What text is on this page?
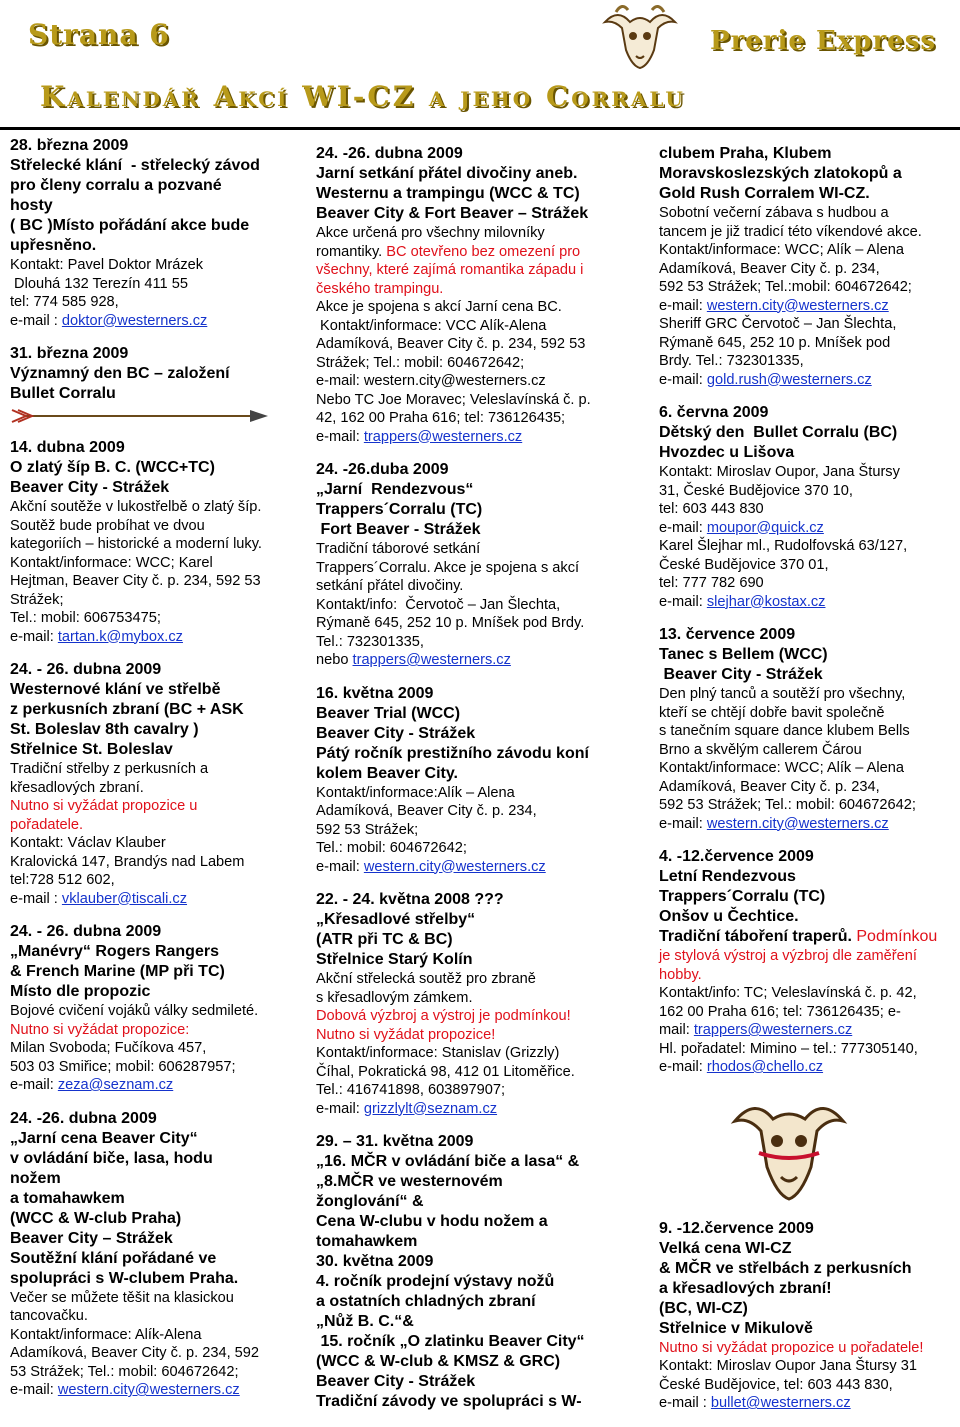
Strana 6	Prerie Express
Kalendář Akcí WI-CZ a jeho Corralu
28. března 2009
Střelecké klání  - střelecký závod
pro členy corralu a pozvané
hosty
( BC )Místo pořádání akce bude
upřesněno.
Kontakt: Pavel Doktor Mrázek
Dlouhá 132 Terezín 411 55
tel: 774 585 928,
e-mail : doktor@westerners.cz
31. března 2009
Významný den BC – založení
Bullet Corralu
14. dubna 2009
O zlatý šíp B. C. (WCC+TC)
Beaver City - Strážek
Akční soutěže v lukostřelbě o zlatý šíp.
Soutěž bude probíhat ve dvou
kategoriích – historické a moderní luky.
Kontakt/informace: WCC; Karel
Hejtman, Beaver City č. p. 234, 592 53
Strážek;
Tel.: mobil: 606753475;
e-mail: tartan.k@mybox.cz
24. - 26. dubna 2009
Westernové klání ve střelbě
z perkusních zbraní (BC + ASK
St. Boleslav 8th cavalry )
Střelnice St. Boleslav
Tradiční střelby z perkusních a
křesadlových zbraní.
Nutno si vyžádat propozice u
pořadatele.
Kontakt: Václav Klauber
Kralovická 147, Brandýs nad Labem
tel:728 512 602,
e-mail : vklauber@tiscali.cz
24. - 26. dubna 2009
„Manévry“ Rogers Rangers
& French Marine (MP při TC)
Místo dle propozic
Bojové cvičení vojáků války sedmileté.
Nutno si vyžádat propozice:
Milan Svoboda; Fučíkova 457,
503 03 Smiřice; mobil: 606287957;
e-mail: zeza@seznam.cz
24. -26. dubna 2009
„Jarní cena Beaver City“
v ovládání biče, lasa, hodu
nožem
a tomahawkem
(WCC & W-club Praha)
Beaver City – Strážek
Soutěžní klání pořádané ve
spolupráci s W-clubem Praha.
Večer se můžete těšit na klasickou
tancovačku.
Kontakt/informace: Alík-Alena
Adamíková, Beaver City č. p. 234, 592
53 Strážek; Tel.: mobil: 604672642;
e-mail: western.city@westerners.cz
24. -26. dubna 2009
Jarní setkání přátel divočiny aneb.
Westernu a trampingu (WCC & TC)
Beaver City & Fort Beaver – Strážek
Akce určená pro všechny milovníky
romantiky. BC otevřeno bez omezení pro
všechny, které zajímá romantika západu i
českého trampingu.
Akce je spojena s akcí Jarní cena BC.
Kontakt/informace: VCC Alík-Alena
Adamíková, Beaver City č. p. 234, 592 53
Strážek; Tel.: mobil: 604672642;
e-mail: western.city@westerners.cz
Nebo TC Joe Moravec; Veleslavínská č. p.
42, 162 00 Praha 616; tel: 736126435;
e-mail: trappers@westerners.cz
24. -26.duba 2009
„Jarní  Rendezvous“
Trappers´Corralu (TC)
Fort Beaver - Strážek
Tradiční táborové setkání
Trappers´Corralu. Akce je spojena s akcí
setkání přátel divočiny.
Kontakt/info:  Červotoč – Jan Šlechta,
Rýmaně 645, 252 10 p. Mníšek pod Brdy.
Tel.: 732301335,
nebo trappers@westerners.cz
16. května 2009
Beaver Trial (WCC)
Beaver City - Strážek
Pátý ročník prestižního závodu koní
kolem Beaver City.
Kontakt/informace:Alík – Alena
Adamíková, Beaver City č. p. 234,
592 53 Strážek;
Tel.: mobil: 604672642;
e-mail: western.city@westerners.cz
22. - 24. května 2008 ???
„Křesadlové střelby“
(ATR při TC & BC)
Střelnice Starý Kolín
Akční střelecká soutěž pro zbraně
s křesadlovým zámkem.
Dobová výzbroj a výstroj je podmínkou!
Nutno si vyžádat propozice!
Kontakt/informace: Stanislav (Grizzly)
Číhal, Pokratická 98, 412 01 Litoměřice.
Tel.: 416741898, 603897907;
e-mail: grizzlylt@seznam.cz
29. – 31. května 2009
„16. MČR v ovládání biče a lasa“ &
„8.MČR ve westernovém
žonglování“ &
Cena W-clubu v hodu nožem a
tomahawkem
30. května 2009
4. ročník prodejní výstavy nožů
a ostatních chladných zbraní
„Nůž B. C.“&
15. ročník „O zlatinku Beaver City“
(WCC & W-club & KMSZ & GRC)
Beaver City - Strážek
Tradiční závody ve spolupráci s W-
clubem Praha, Klubem
Moravskoslezských zlatokopů a
Gold Rush Corralem WI-CZ.
Sobotní večerní zábava s hudbou a
tancem je již tradicí této víkendové akce.
Kontakt/informace: WCC; Alík – Alena
Adamíková, Beaver City č. p. 234,
592 53 Strážek; Tel.:mobil: 604672642;
e-mail: western.city@westerners.cz
Sheriff GRC Červotoč – Jan Šlechta,
Rýmaně 645, 252 10 p. Mníšek pod
Brdy. Tel.: 732301335,
e-mail: gold.rush@westerners.cz
6. června 2009
Dětský den  Bullet Corralu (BC)
Hvozdec u Lišova
Kontakt: Miroslav Oupor, Jana Štursy
31, České Budějovice 370 10,
tel: 603 443 830
e-mail: moupor@quick.cz
Karel Šlejhar ml., Rudolfovská 63/127,
České Budějovice 370 01,
tel: 777 782 690
e-mail: slejhar@kostax.cz
13. července 2009
Tanec s Bellem (WCC)
Beaver City - Strážek
Den plný tanců a soutěží pro všechny,
kteří se chtějí dobře bavit společně
s tanečním square dance klubem Bells
Brno a skvělým callerem Čárou
Kontakt/informace: WCC; Alík – Alena
Adamíková, Beaver City č. p. 234,
592 53 Strážek; Tel.: mobil: 604672642;
e-mail: western.city@westerners.cz
4. -12.července 2009
Letní Rendezvous
Trappers´Corralu (TC)
Onšov u Čechtice.
Tradiční táboření traperů. Podmínkou
je stylová výstroj a výzbroj dle zaměření
hobby.
Kontakt/info: TC; Veleslavínská č. p. 42,
162 00 Praha 616; tel: 736126435; e-
mail: trappers@westerners.cz
Hl. pořadatel: Mimino – tel.: 777305140,
e-mail: rhodos@chello.cz
9. -12.července 2009
Velká cena WI-CZ
& MČR ve střelbách z perkusních
a křesadlových zbraní!
(BC, WI-CZ)
Střelnice v Mikulově
Nutno si vyžádat propozice u pořadatele!
Kontakt: Miroslav Oupor Jana Štursy 31
České Budějovice, tel: 603 443 830,
e-mail : bullet@westerners.cz
